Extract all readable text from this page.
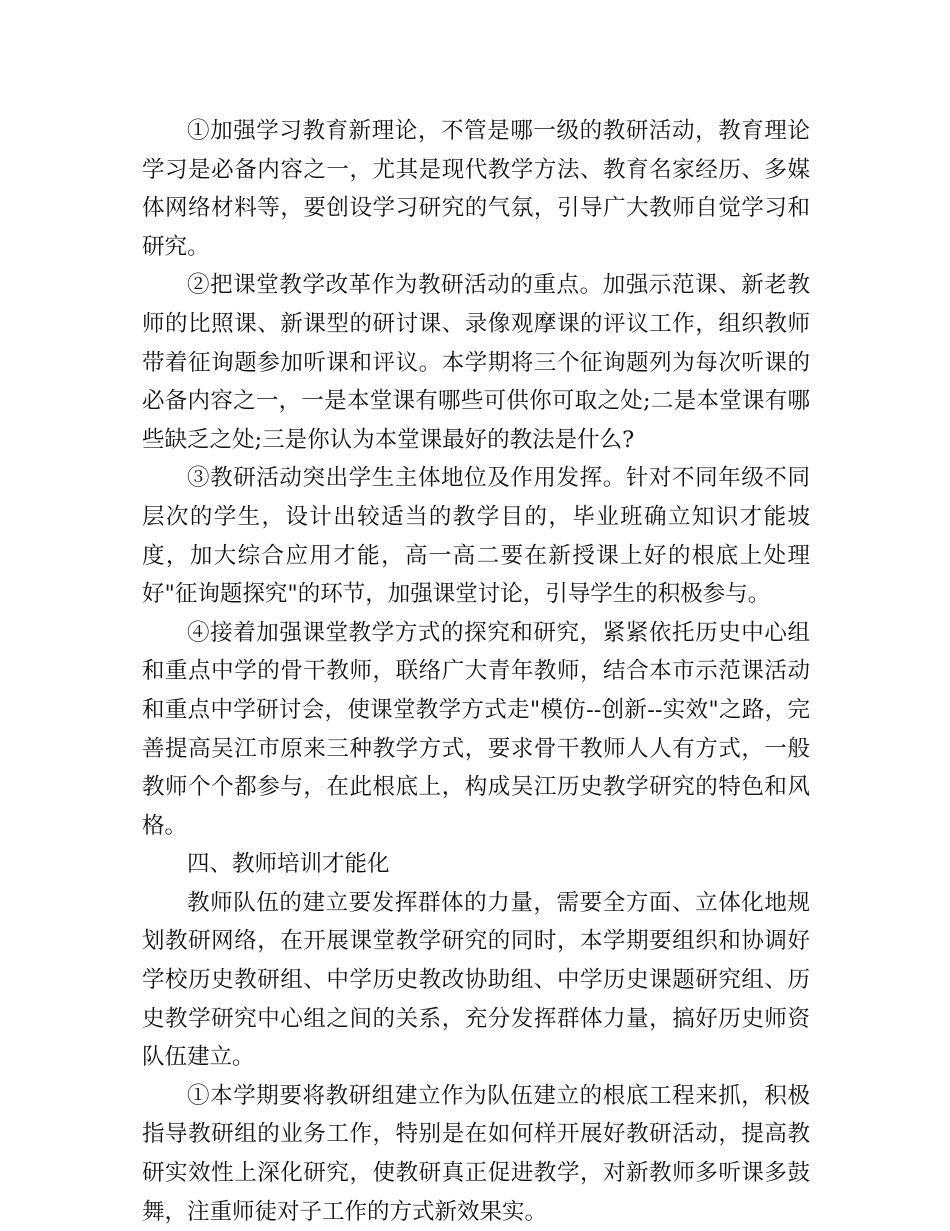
①加强学习教育新理论，不管是哪一级的教研活动，教育理论学习是必备内容之一，尤其是现代教学方法、教育名家经历、多媒体网络材料等，要创设学习研究的气氛，引导广大教师自觉学习和研究。

②把课堂教学改革作为教研活动的重点。加强示范课、新老教师的比照课、新课型的研讨课、录像观摩课的评议工作，组织教师带着征询题参加听课和评议。本学期将三个征询题列为每次听课的必备内容之一，一是本堂课有哪些可供你可取之处;二是本堂课有哪些缺乏之处;三是你认为本堂课最好的教法是什么?

③教研活动突出学生主体地位及作用发挥。针对不同年级不同层次的学生，设计出较适当的教学目的，毕业班确立知识才能坡度，加大综合应用才能，高一高二要在新授课上好的根底上处理好"征询题探究"的环节，加强课堂讨论，引导学生的积极参与。

④接着加强课堂教学方式的探究和研究，紧紧依托历史中心组和重点中学的骨干教师，联络广大青年教师，结合本市示范课活动和重点中学研讨会，使课堂教学方式走"模仿--创新--实效"之路，完善提高吴江市原来三种教学方式，要求骨干教师人人有方式，一般教师个个都参与，在此根底上，构成吴江历史教学研究的特色和风格。

四、教师培训才能化

教师队伍的建立要发挥群体的力量，需要全方面、立体化地规划教研网络，在开展课堂教学研究的同时，本学期要组织和协调好学校历史教研组、中学历史教改协助组、中学历史课题研究组、历史教学研究中心组之间的关系，充分发挥群体力量，搞好历史师资队伍建立。

①本学期要将教研组建立作为队伍建立的根底工程来抓，积极指导教研组的业务工作，特别是在如何样开展好教研活动，提高教研实效性上深化研究，使教研真正促进教学，对新教师多听课多鼓舞，注重师徒对子工作的方式新效果实。
